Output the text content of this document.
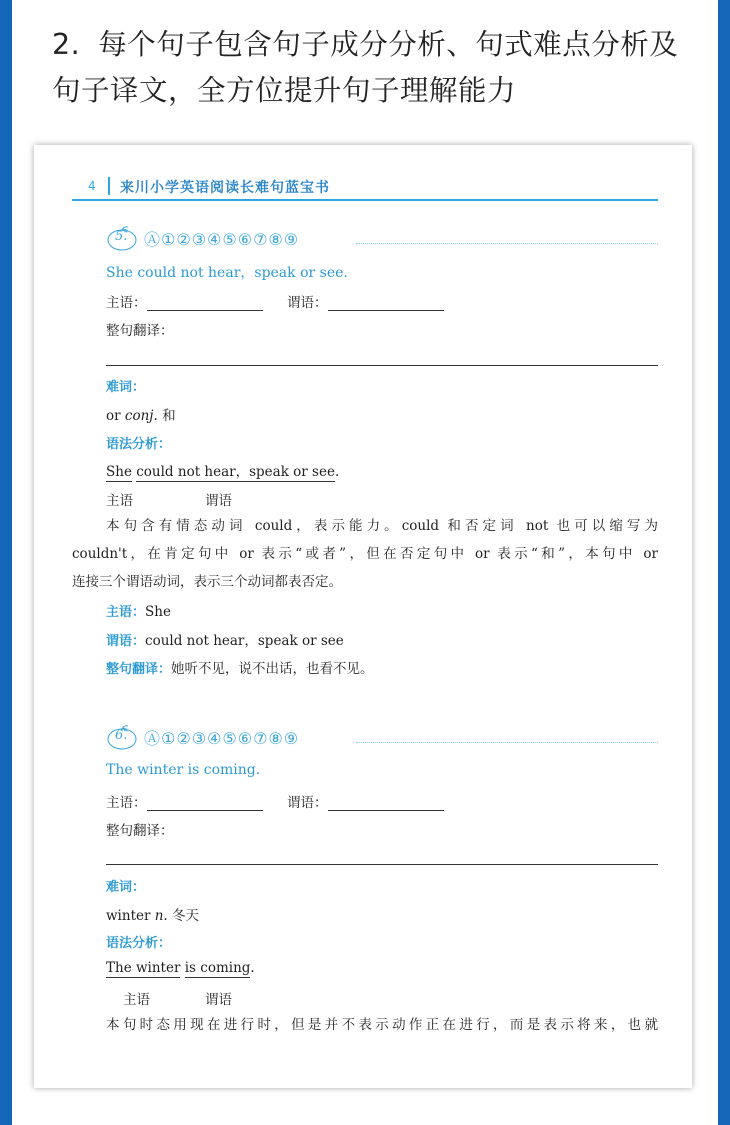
2. 每个句子包含句子成分分析、句式难点分析及
句子译文，全方位提升句子理解能力
4 来川小学英语阅读长难句蓝宝书
5. Ⓐ①②③④⑤⑥⑦⑧⑨
She could not hear，speak or see.
主语：	谓语：
整句翻译：
难词：
or conj. 和
语法分析：
She could not hear，speak or see.
主语	谓语
本句含有情态动词 could，表示能力。could 和否定词 not 也可以缩写为
couldn't，在肯定句中 or 表示“或者”，但在否定句中 or 表示“和”，本句中 or
连接三个谓语动词，表示三个动词都表否定。
主语：She
谓语：could not hear，speak or see
整句翻译：她听不见，说不出话，也看不见。
6. Ⓐ①②③④⑤⑥⑦⑧⑨
The winter is coming.
主语：	谓语：
整句翻译：
难词：
winter n. 冬天
语法分析：
The winter is coming.
主语	谓语
本句时态用现在进行时，但是并不表示动作正在进行，而是表示将来，也就
